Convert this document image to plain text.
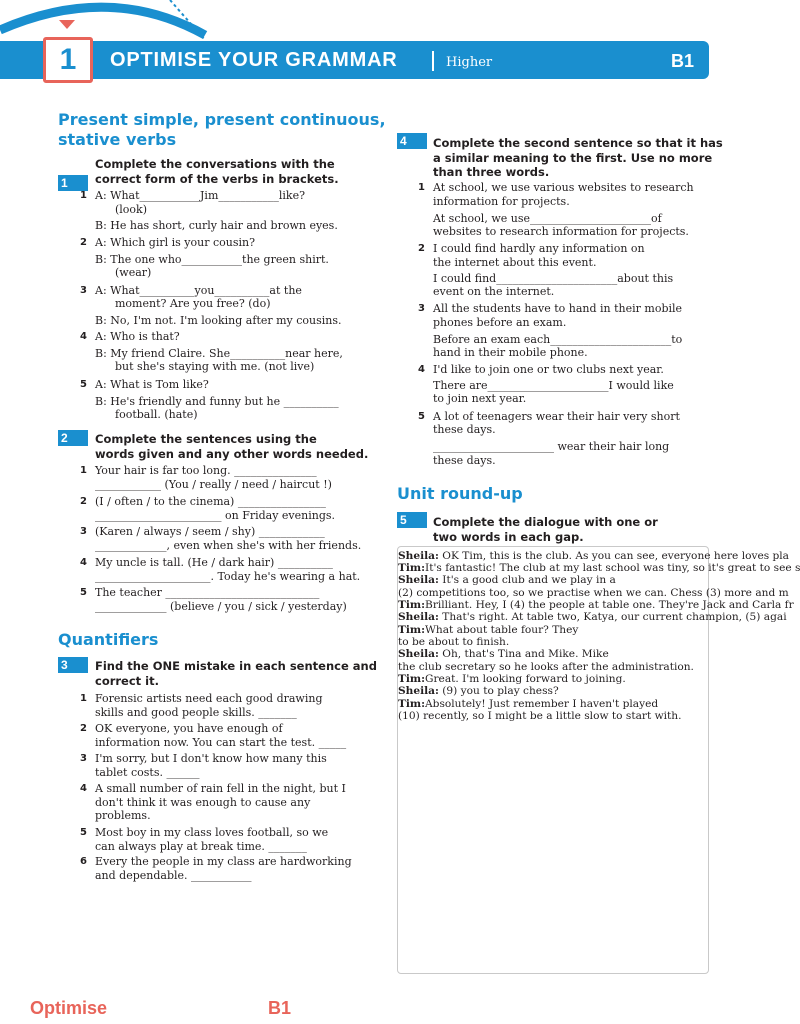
1	OPTIMISE YOUR GRAMMAR	Higher	B1
Present simple, present continuous,
stative verbs
1
Complete the conversations with the
correct form of the verbs in brackets.
1 A: What___________Jim___________like?
(look)
B: He has short, curly hair and brown eyes.
2 A: Which girl is your cousin?
B: The one who___________the green shirt.
(wear)
3 A: What__________you__________at the
moment? Are you free? (do)
B: No, I'm not. I'm looking after my cousins.
4 A: Who is that?
B: My friend Claire. She__________near here,
but she's staying with me. (not live)
5 A: What is Tom like?
B: He's friendly and funny but he __________
football. (hate)
2	Complete the sentences using the
words given and any other words needed.
1 Your hair is far too long. _______________
____________ (You / really / need / haircut !)
2 (I / often / to the cinema) ________________
_______________________ on Friday evenings.
3 (Karen / always / seem / shy) ____________
_____________, even when she's with her friends.
4 My uncle is tall. (He / dark hair) __________
_____________________. Today he's wearing a hat.
5 The teacher ____________________________
_____________ (believe / you / sick / yesterday)
Quantifiers
3	Find the ONE mistake in each sentence and
correct it.
1 Forensic artists need each good drawing
skills and good people skills. _______
2 OK everyone, you have enough of
information now. You can start the test. _____
3 I'm sorry, but I don't know how many this
tablet costs. ______
4 A small number of rain fell in the night, but I
don't think it was enough to cause any
problems.
5 Most boy in my class loves football, so we
can always play at break time. _______
6 Every the people in my class are hardworking
and dependable. ___________
4	Complete the second sentence so that it has
a similar meaning to the first. Use no more
than three words.
1 At school, we use various websites to research
information for projects.
At school, we use______________________of
websites to research information for projects.
2 I could find hardly any information on
the internet about this event.
I could find______________________about this
event on the internet.
3 All the students have to hand in their mobile
phones before an exam.
Before an exam each______________________to
hand in their mobile phone.
4 I'd like to join one or two clubs next year.
There are______________________I would like
to join next year.
5 A lot of teenagers wear their hair very short
these days.
______________________ wear their hair long
these days.
Unit round-up
5	Complete the dialogue with one or
two words in each gap.
Sheila: OK Tim, this is the club. As you can see, everyone here loves pla
Tim:It's fantastic! The club at my last school was tiny, so it's great to see s
Sheila: It's a good club and we play in a
(2) competitions too, so we practise when we can. Chess (3) more and m
Tim:Brilliant. Hey, I (4) the people at table one. They're Jack and Carla fr
Sheila: That's right. At table two, Katya, our current champion, (5) agai
Tim:What about table four? They
to be about to finish.
Sheila: Oh, that's Tina and Mike. Mike
the club secretary so he looks after the administration.
Tim:Great. I'm looking forward to joining.
Sheila: (9) you to play chess?
Tim:Absolutely! Just remember I haven't played
(10) recently, so I might be a little slow to start with.
Optimise	B1
